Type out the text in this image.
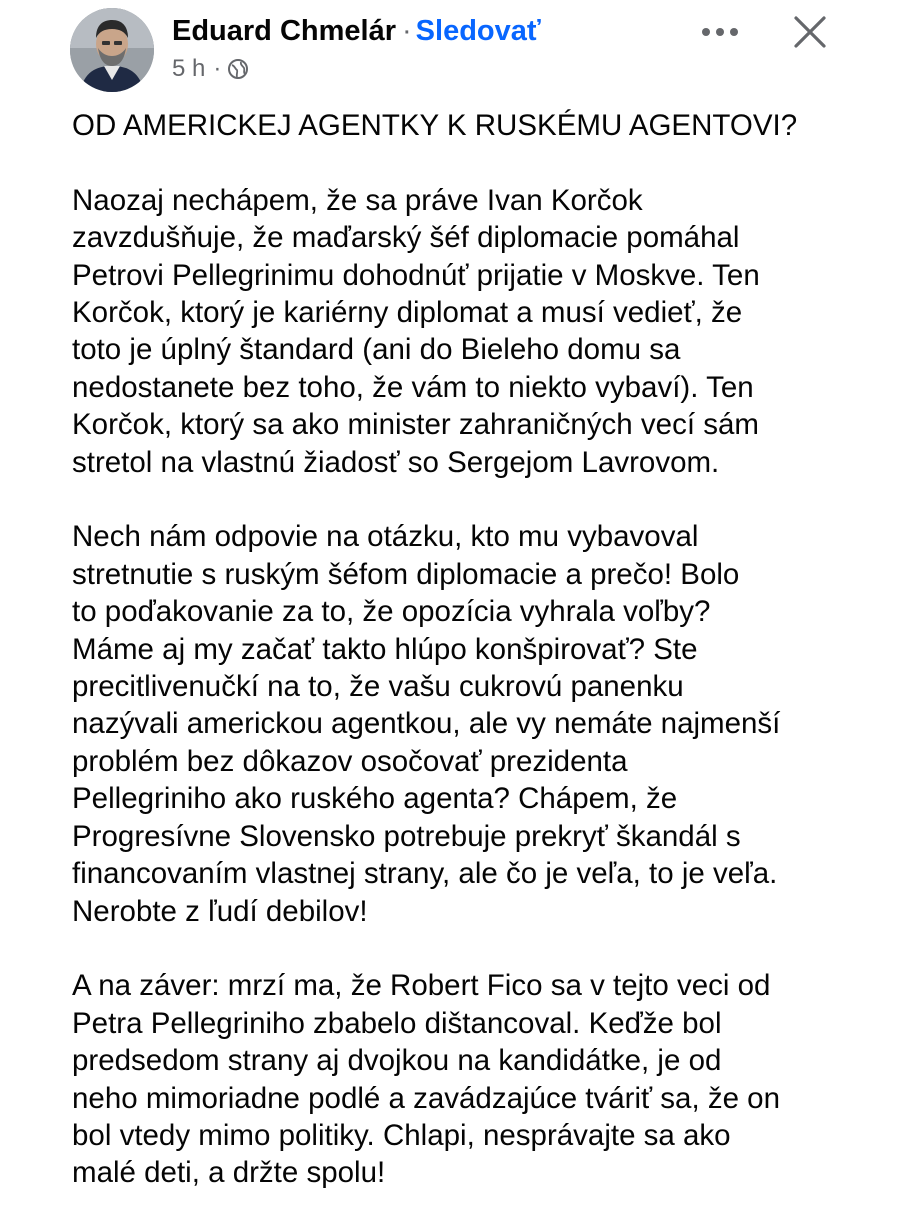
Eduard Chmelár · Sledovať
5 h ·

OD AMERICKEJ AGENTKY K RUSKÉMU AGENTOVI?

Naozaj nechápem, že sa práve Ivan Korčok
zavzdušňuje, že maďarský šéf diplomacie pomáhal
Petrovi Pellegrinimu dohodnúť prijatie v Moskve. Ten
Korčok, ktorý je kariérny diplomat a musí vedieť, že
toto je úplný štandard (ani do Bieleho domu sa
nedostanete bez toho, že vám to niekto vybaví). Ten
Korčok, ktorý sa ako minister zahraničných vecí sám
stretol na vlastnú žiadosť so Sergejom Lavrovom.

Nech nám odpovie na otázku, kto mu vybavoval
stretnutie s ruským šéfom diplomacie a prečo! Bolo
to poďakovanie za to, že opozícia vyhrala voľby?
Máme aj my začať takto hlúpo konšpirovať? Ste
precitlivenučkí na to, že vašu cukrovú panenku
nazývali americkou agentkou, ale vy nemáte najmenší
problém bez dôkazov osočovať prezidenta
Pellegriniho ako ruského agenta? Chápem, že
Progresívne Slovensko potrebuje prekryť škandál s
financovaním vlastnej strany, ale čo je veľa, to je veľa.
Nerobte z ľudí debilov!

A na záver: mrzí ma, že Robert Fico sa v tejto veci od
Petra Pellegriniho zbabelo dištancoval. Keďže bol
predsedom strany aj dvojkou na kandidátke, je od
neho mimoriadne podlé a zavádzajúce tváriť sa, že on
bol vtedy mimo politiky. Chlapi, nesprávajte sa ako
malé deti, a držte spolu!
